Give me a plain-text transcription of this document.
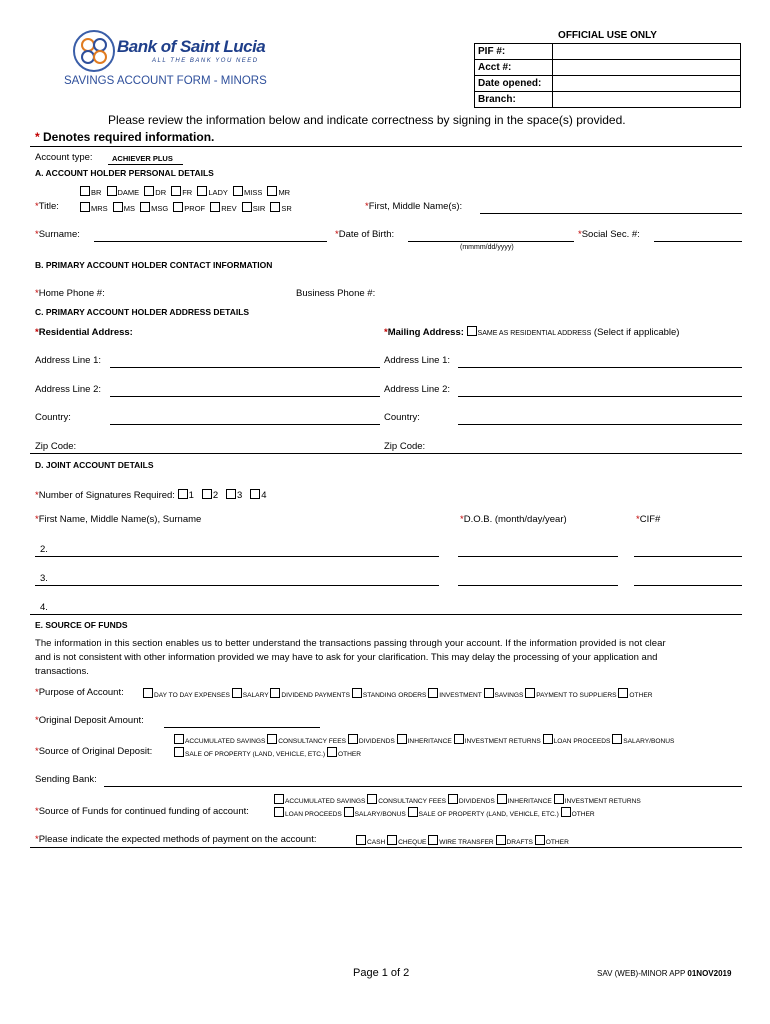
Bank of Saint Lucia
ALL THE BANK YOU NEED
SAVINGS ACCOUNT FORM - MINORS
OFFICIAL USE ONLY	
PIF #:	
Acct #:	
Date opened:	
Branch:	
Please review the information below and indicate correctness by signing in the space(s) provided.
* Denotes required information.
Account type:	ACHIEVER PLUS
A. ACCOUNT HOLDER PERSONAL DETAILS
BR DAME DR FR LADY MISS MR
*Title:	MRS MS MSG PROF REV SIR SR	*First, Middle Name(s):
*Surname:	*Date of Birth:
(mmmm/dd/yyyy)
*Social Sec. #:
B. PRIMARY ACCOUNT HOLDER CONTACT INFORMATION
*Home Phone #:	Business Phone #:
C. PRIMARY ACCOUNT HOLDER ADDRESS DETAILS
*Residential Address:	*Mailing Address: SAME AS RESIDENTIAL ADDRESS (Select if applicable)
Address Line 1:	Address Line 1:
Address Line 2:	Address Line 2:
Country:	Country:
Zip Code:	Zip Code:
D. JOINT ACCOUNT DETAILS
*Number of Signatures Required: 1 2 3 4
*First Name, Middle Name(s), Surname	*D.O.B. (month/day/year)	*CIF#
2.
3.
4.
E. SOURCE OF FUNDS
The information in this section enables us to better understand the transactions passing through your account. If the information provided is not clear
and is not consistent with other information provided we may have to ask for your clarification. This may delay the processing of your application and
transactions.
*Purpose of Account:	DAY TO DAY EXPENSES SALARY DIVIDEND PAYMENTS STANDING ORDERS INVESTMENT SAVINGS PAYMENT TO SUPPLIERS OTHER
*Original Deposit Amount:
ACCUMULATED SAVINGS CONSULTANCY FEES DIVIDENDS INHERITANCE INVESTMENT RETURNS LOAN PROCEEDS SALARY/BONUS
*Source of Original Deposit:	SALE OF PROPERTY (LAND, VEHICLE, ETC.) OTHER
Sending Bank:
ACCUMULATED SAVINGS CONSULTANCY FEES DIVIDENDS INHERITANCE INVESTMENT RETURNS
*Source of Funds for continued funding of account:	LOAN PROCEEDS SALARY/BONUS SALE OF PROPERTY (LAND, VEHICLE, ETC.) OTHER
*Please indicate the expected methods of payment on the account:	CASH CHEQUE WIRE TRANSFER DRAFTS OTHER
Page 1 of 2	SAV (WEB)-MINOR APP 01NOV2019
